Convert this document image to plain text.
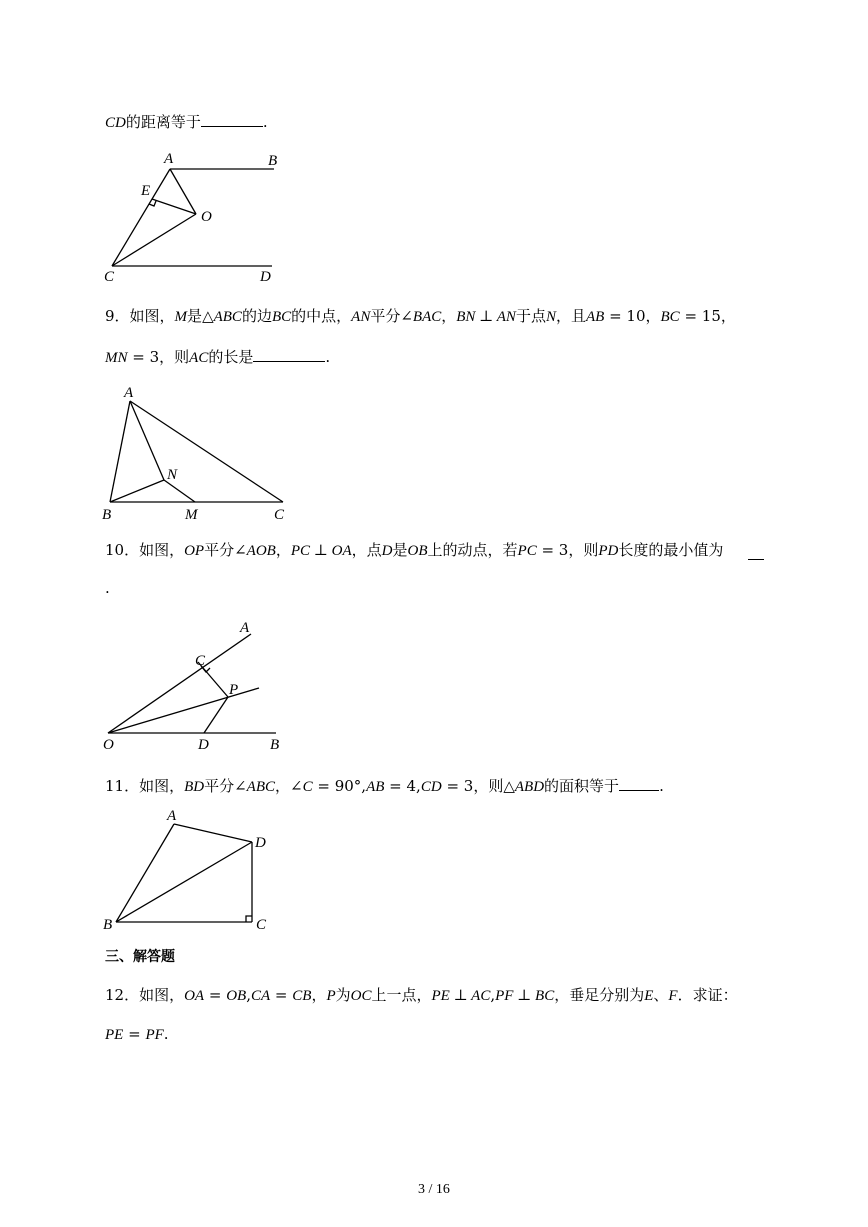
CD的距离等于	.
A	B
E
O
C	D
9．如图，M是△ABC的边BC的中点，AN平分∠BAC，BN ⊥ AN于点N，且AB = 10，BC = 15，
MN = 3，则AC的长是	.
A
N
B	M	C
10．如图，OP平分∠AOB，PC ⊥ OA，点D是OB上的动点，若PC = 3，则PD长度的最小值为
.
A
C
P
O	D	B
11．如图，BD平分∠ABC，∠C = 90°,AB = 4,CD = 3，则△ABD的面积等于	.
A
D
B	C
三、解答题
12．如图，OA = OB,CA = CB，P为OC上一点，PE ⊥ AC,PF ⊥ BC，垂足分别为E、F．求证：
PE = PF.
3 / 16
